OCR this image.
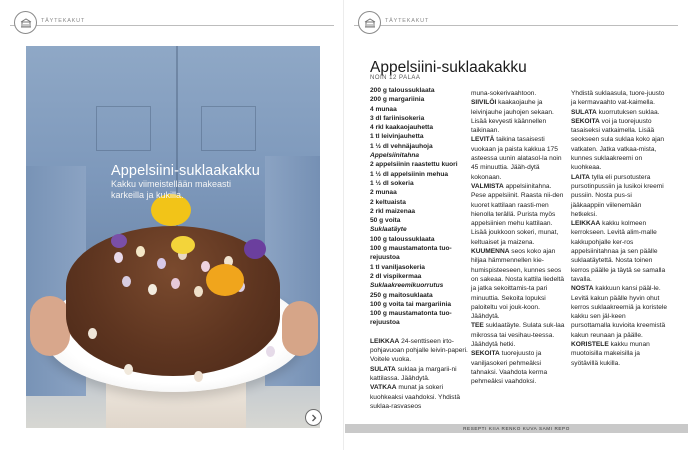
TÄYTEKAKUT
Appelsiini-suklaakakku
Kakku viimeistellään makeasti karkeilla ja kukilla.
TÄYTEKAKUT
Appelsiini-suklaakakku
NOIN 12 PALAA
200 g taloussuklaata
200 g margariinia
4 munaa
3 dl fariinisokeria
4 rkl kaakaojauhetta
1 tl leivinjauhetta
1 ½ dl vehnäjauhoja
Appelsiinitahna
2 appelsiinin raastettu kuori
1 ½ dl appelsiinin mehua
1 ½ dl sokeria
2 munaa
2 keltuaista
2 rkl maizenaa
50 g voita
Suklaatäyte
100 g taloussuklaata
100 g maustamatonta tuo-
rejuustoa
1 tl vaniljasokeria
2 dl vispikermaa
Suklaakreemikuorrutus
250 g maitosuklaata
100 g voita tai margariinia
100 g maustamatonta tuo-
rejuustoa
LEIKKAA 24-senttiseen irto-pohjavuoan pohjalle leivin-paperi. Voitele vuoka.
SULATA suklaa ja margarii-ni kattilassa. Jäähdytä.
VATKAA munat ja sokeri kuohkeaksi vaahdoksi. Yhdistä suklaa-rasvaseos
muna-sokerivaahtoon.
SIIVILÖI kaakaojauhe ja leivinjauhe jauhojen sekaan. Lisää kevyesti käännellen taikinaan.
LEVITÄ taikina tasaisesti vuokaan ja paista kakkua 175 asteessa uunin alatasol-la noin 45 minuuttia. Jääh-dytä kokonaan.
VALMISTA appelsiinitahna. Pese appelsiinit. Raasta nii-den kuoret kattilaan raasti-men hienolla terällä. Purista myös appelsiinien mehu kattilaan. Lisää joukkoon sokeri, munat, keltuaiset ja maizena.
KUUMENNA seos koko ajan hiljaa hämmennellen kie-humispisteeseen, kunnes seos on sakeaa. Nosta kattila liedeltä ja jatka sekoittamis-ta pari minuuttia. Sekoita lopuksi paloiteltu voi jouk-koon. Jäähdytä.
TEE suklaatäyte. Sulata suk-laa mikrossa tai vesihau-teessa. Jäähdytä hetki.
SEKOITA tuorejuusto ja vaniljasokeri pehmeäksi tahnaksi. Vaahdota kerma pehmeäksi vaahdoksi.
Yhdistä suklaasula, tuore-juusto ja kermavaahto vat-kaimella.
SULATA kuorrutuksen suklaa.
SEKOITA voi ja tuorejuusto tasaiseksi vatkaimella. Lisää seokseen sula suklaa koko ajan vatkaten. Jatka vatkaa-mista, kunnes suklaakreemi on kuohkeaa.
LAITA tylla eli pursotustera pursotinpussiin ja lusikoi kreemi pussiin. Nosta pus-si jääkaappiin viilenemään hetkeksi.
LEIKKAA kakku kolmeen kerrokseen. Levitä alim-malle kakkupohjalle ker-ros appelsiinitahnaa ja sen päälle suklaatäytettä. Nosta toinen kerros päälle ja täytä se samalla tavalla.
NOSTA kakkuun kansi pääl-le. Levitä kakun päälle hyvin ohut kerros suklaakreemiä ja koristele kakku sen jäl-keen pursottamalla kuvioita kreemistä kakun reunaan ja päälle.
KORISTELE kakku munan muotoisilla makeisilla ja syötävillä kukilla.
RESEPTI KIIA RENKO KUVA SAMI REPO
